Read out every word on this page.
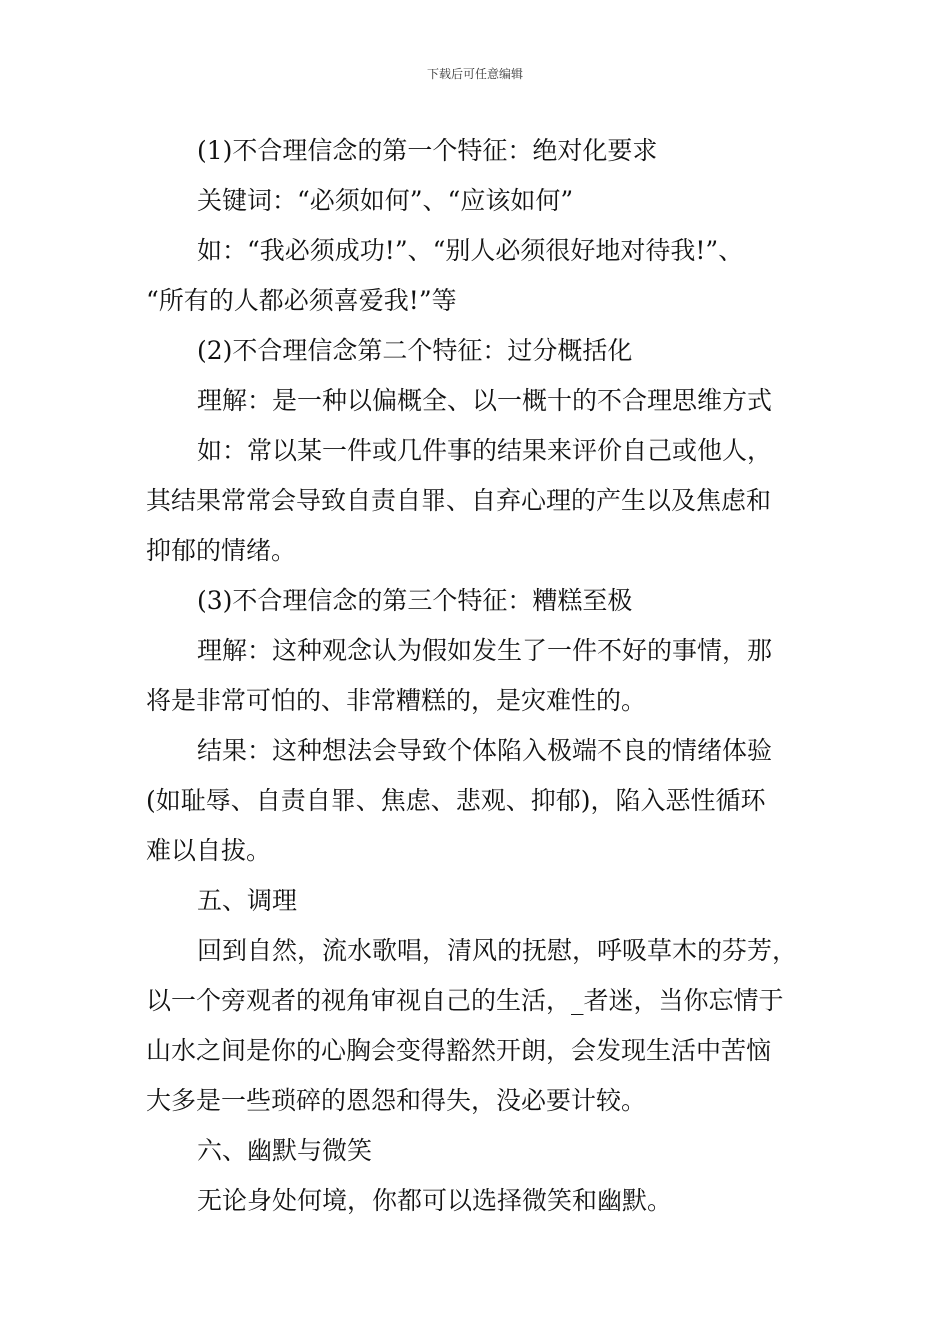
下载后可任意编辑

(1)不合理信念的第一个特征：绝对化要求

关键词：“必须如何”、“应该如何”

如：“我必须成功!”、“别人必须很好地对待我!”、

“所有的人都必须喜爱我!”等

(2)不合理信念第二个特征：过分概括化

理解：是一种以偏概全、以一概十的不合理思维方式

如：常以某一件或几件事的结果来评价自己或他人，

其结果常常会导致自责自罪、自弃心理的产生以及焦虑和

抑郁的情绪。

(3)不合理信念的第三个特征：糟糕至极

理解：这种观念认为假如发生了一件不好的事情，那

将是非常可怕的、非常糟糕的，是灾难性的。

结果：这种想法会导致个体陷入极端不良的情绪体验

(如耻辱、自责自罪、焦虑、悲观、抑郁)，陷入恶性循环

难以自拔。

五、调理

回到自然，流水歌唱，清风的抚慰，呼吸草木的芬芳，

以一个旁观者的视角审视自己的生活，_者迷，当你忘情于

山水之间是你的心胸会变得豁然开朗，会发现生活中苦恼

大多是一些琐碎的恩怨和得失，没必要计较。

六、幽默与微笑

无论身处何境，你都可以选择微笑和幽默。
